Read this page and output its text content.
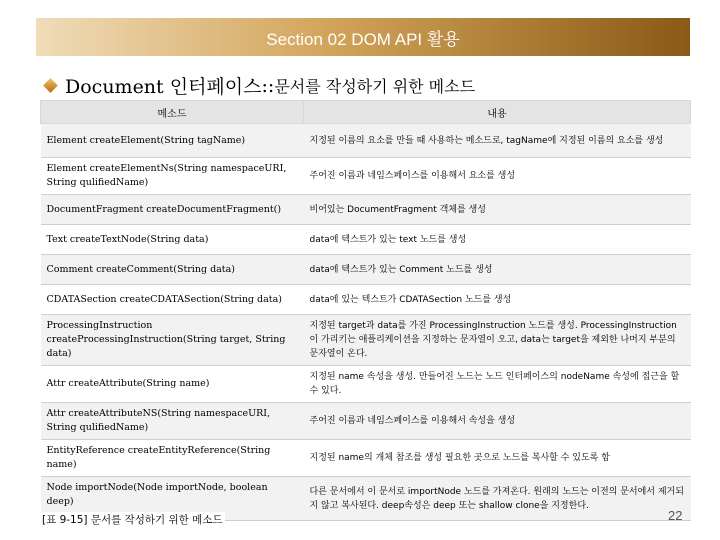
Section 02 DOM API 활용
Document 인터페이스 :: 문서를 작성하기 위한 메소드
메소드	내용
Element createElement(String tagName)	지정된 이름의 요소를 만들 때 사용하는 메소드로, tagName에 지정된 이름의 요소를 생성
Element createElementNs(String namespaceURI, String qulifiedName)	주어진 이름과 네임스페이스를 이용해서 요소를 생성
DocumentFragment createDocumentFragment()	비어있는 DocumentFragment 객체를 생성
Text createTextNode(String data)	data에 텍스트가 있는 text 노드를 생성
Comment createComment(String data)	data에 텍스트가 있는 Comment 노드를 생성
CDATASection createCDATASection(String data)	data에 있는 텍스트가 CDATASection 노드를 생성
ProcessingInstruction createProcessingInstruction(String target, String data)	지정된 target과 data를 가진 ProcessingInstruction 노드를 생성. ProcessingInstruction이 가리키는 애플리케이션을 지정하는 문자열이 오고, data는 target을 제외한 나머지 부분의 문자열이 온다.
Attr createAttribute(String name)	지정된 name 속성을 생성. 만들어진 노드는 노드 인터페이스의 nodeName 속성에 접근을 할수 있다.
Attr createAttributeNS(String namespaceURI, String qulifiedName)	주어진 이름과 네임스페이스를 이용해서 속성을 생성
EntityReference createEntityReference(String name)	지정된 name의 개체 참조를 생성 필요한 곳으로 노드를 복사할 수 있도록 함
Node importNode(Node importNode, boolean deep)	다른 문서에서 이 문서로 importNode 노드를 가져온다. 원래의 노드는 이전의 문서에서 제거되지 않고 복사된다. deep속성은 deep 또는 shallow clone을 지정한다.
[표 9-15] 문서를 작성하기 위한 메소드	22
